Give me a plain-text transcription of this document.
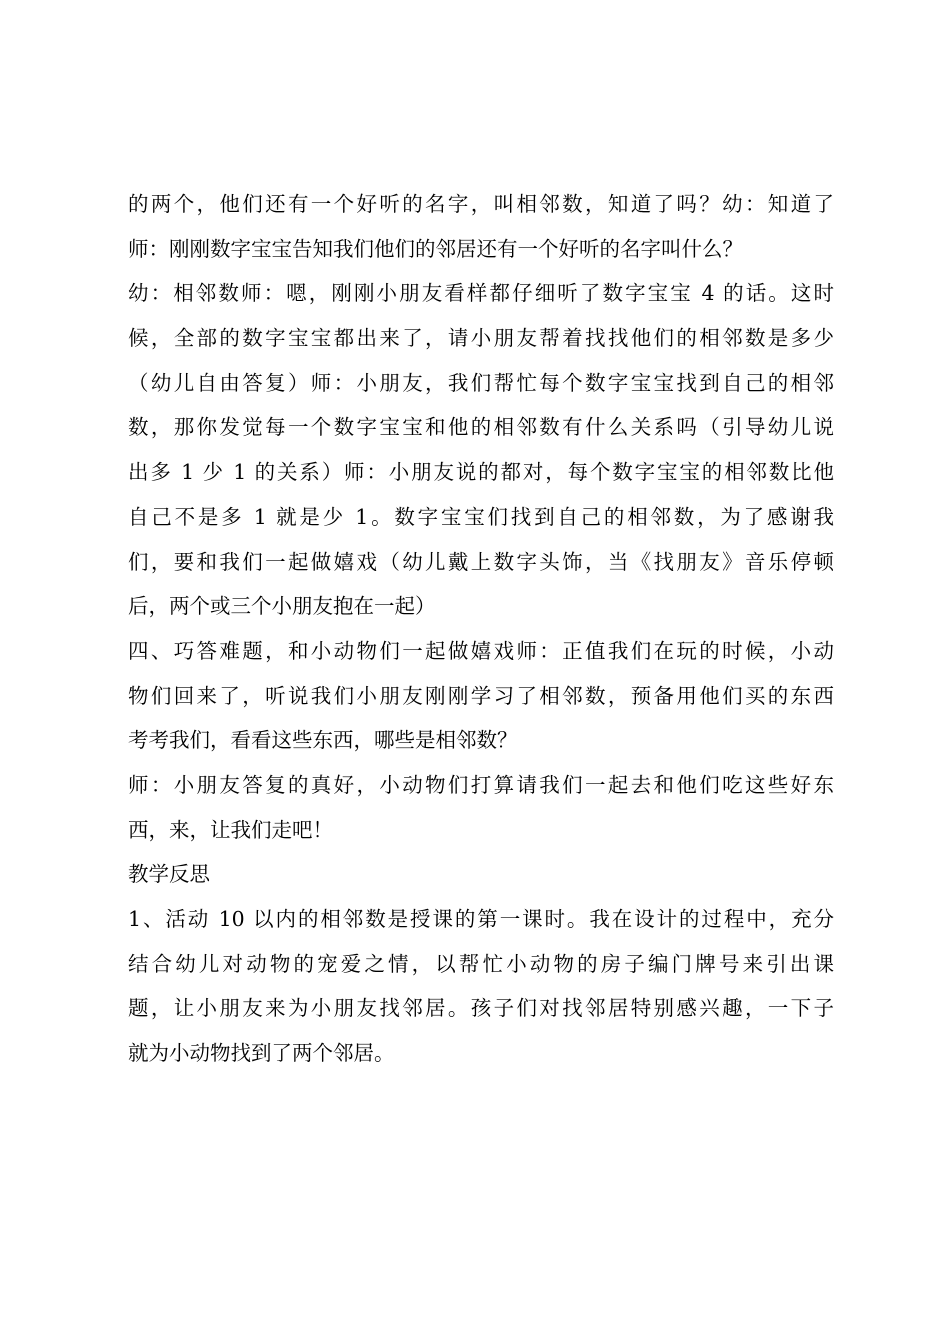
的两个，他们还有一个好听的名字，叫相邻数，知道了吗？幼：知道了
师：刚刚数字宝宝告知我们他们的邻居还有一个好听的名字叫什么？
幼：相邻数师：嗯，刚刚小朋友看样都仔细听了数字宝宝 4 的话。这时
候，全部的数字宝宝都出来了，请小朋友帮着找找他们的相邻数是多少
（幼儿自由答复）师：小朋友，我们帮忙每个数字宝宝找到自己的相邻
数，那你发觉每一个数字宝宝和他的相邻数有什么关系吗（引导幼儿说
出多 1 少 1 的关系）师：小朋友说的都对，每个数字宝宝的相邻数比他
自己不是多 1 就是少 1。数字宝宝们找到自己的相邻数，为了感谢我
们，要和我们一起做嬉戏（幼儿戴上数字头饰，当《找朋友》音乐停顿
后，两个或三个小朋友抱在一起）
四、巧答难题，和小动物们一起做嬉戏师：正值我们在玩的时候，小动
物们回来了，听说我们小朋友刚刚学习了相邻数，预备用他们买的东西
考考我们，看看这些东西，哪些是相邻数？
师：小朋友答复的真好，小动物们打算请我们一起去和他们吃这些好东
西，来，让我们走吧！
教学反思
1、活动 10 以内的相邻数是授课的第一课时。我在设计的过程中，充分
结合幼儿对动物的宠爱之情，以帮忙小动物的房子编门牌号来引出课
题，让小朋友来为小朋友找邻居。孩子们对找邻居特别感兴趣，一下子
就为小动物找到了两个邻居。
